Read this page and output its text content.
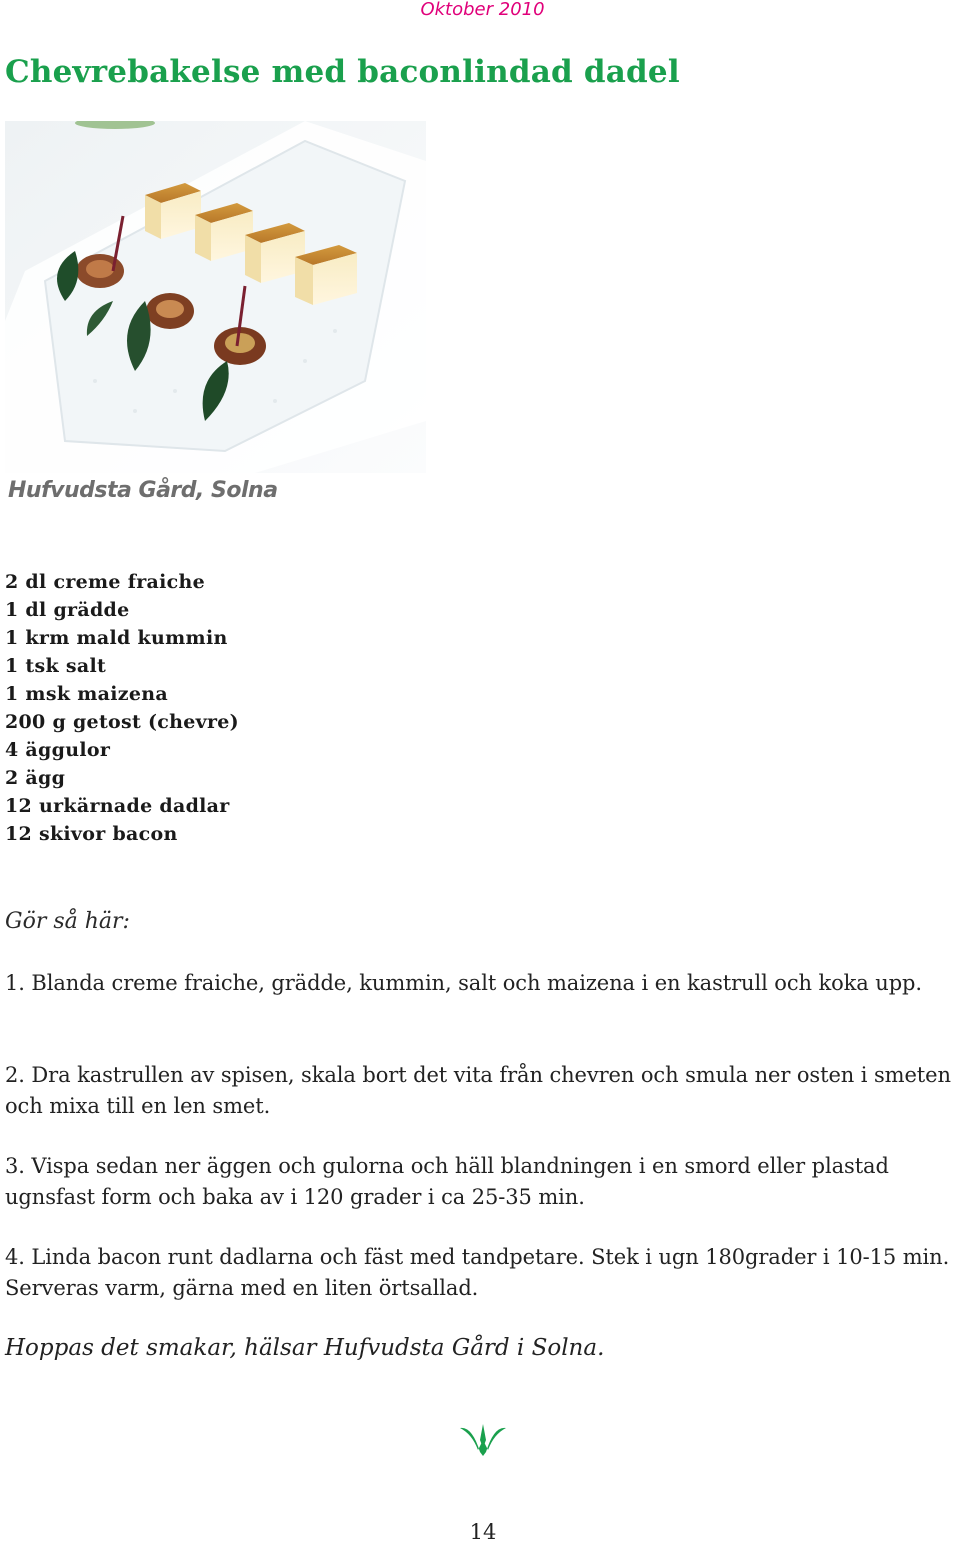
Oktober 2010
Chevrebakelse med baconlindad dadel
Hufvudsta Gård, Solna
2 dl creme fraiche
1 dl grädde
1 krm mald kummin
1 tsk salt
1 msk maizena
200 g getost (chevre)
4 äggulor
2 ägg
12 urkärnade dadlar
12 skivor bacon
Gör så här:

1. Blanda creme fraiche, grädde, kummin, salt och maizena i en kastrull och koka upp.

2. Dra kastrullen av spisen, skala bort det vita från chevren och smula ner osten i smeten och mixa till en len smet.

3. Vispa sedan ner äggen och gulorna och häll blandningen i en smord eller plastad ugnsfast form och baka av i 120 grader i ca 25-35 min.

4. Linda bacon runt dadlarna och fäst med tandpetare. Stek i ugn 180grader i 10-15 min. Serveras varm, gärna med en liten örtsallad.

Hoppas det smakar, hälsar Hufvudsta Gård i Solna.
14
